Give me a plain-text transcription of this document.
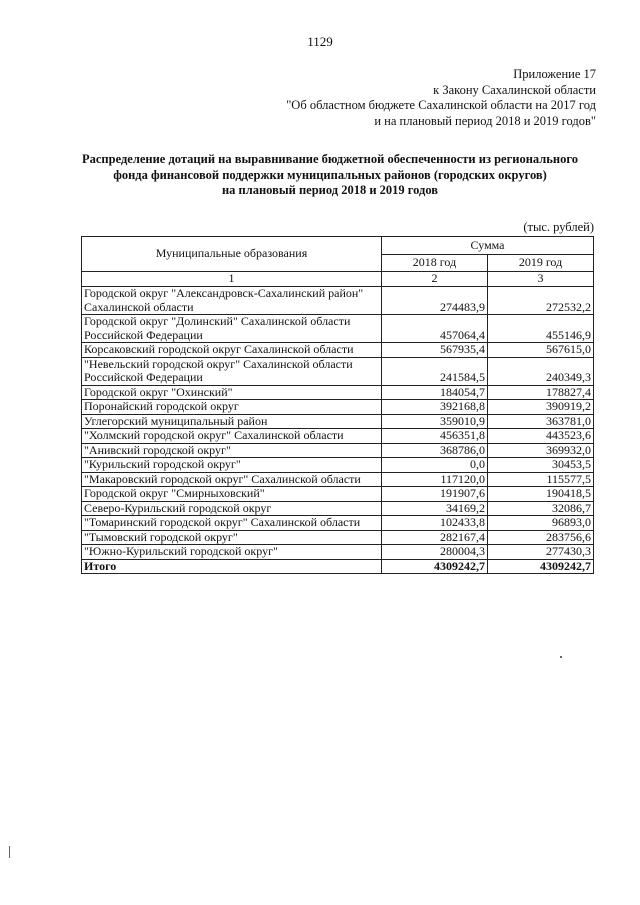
1129
Приложение 17
к Закону Сахалинской области
"Об областном бюджете Сахалинской области на 2017 год
и на плановый период 2018 и 2019 годов"
Распределение дотаций на выравнивание бюджетной обеспеченности из регионального
фонда финансовой поддержки муниципальных районов (городских округов)
на плановый период 2018 и 2019 годов
(тыс. рублей)
Муниципальные образования	Сумма	
	2018 год	2019 год
1	2	3

Городской округ "Александровск-Сахалинский район"
Сахалинской области	274483,9	272532,2

Городской округ "Долинский" Сахалинской области
Российской Федерации	457064,4	455146,9

Корсаковский городской округ Сахалинской области	567935,4	567615,0

"Невельский городской округ" Сахалинской области
Российской Федерации	241584,5	240349,3

Городской округ "Охинский"	184054,7	178827,4

Поронайский городской округ	392168,8	390919,2

Углегорский муниципальный район	359010,9	363781,0

"Холмский городской округ" Сахалинской области	456351,8	443523,6

"Анивский городской округ"	368786,0	369932,0

"Курильский городской округ"	0,0	30453,5

"Макаровский городской округ" Сахалинской области	117120,0	115577,5

Городской округ "Смирныховский"	191907,6	190418,5

Северо-Курильский городской округ	34169,2	32086,7

"Томаринский городской округ" Сахалинской области	102433,8	96893,0

"Тымовский городской округ"	282167,4	283756,6

"Южно-Курильский городской округ"	280004,3	277430,3
Итого	4309242,7	4309242,7
